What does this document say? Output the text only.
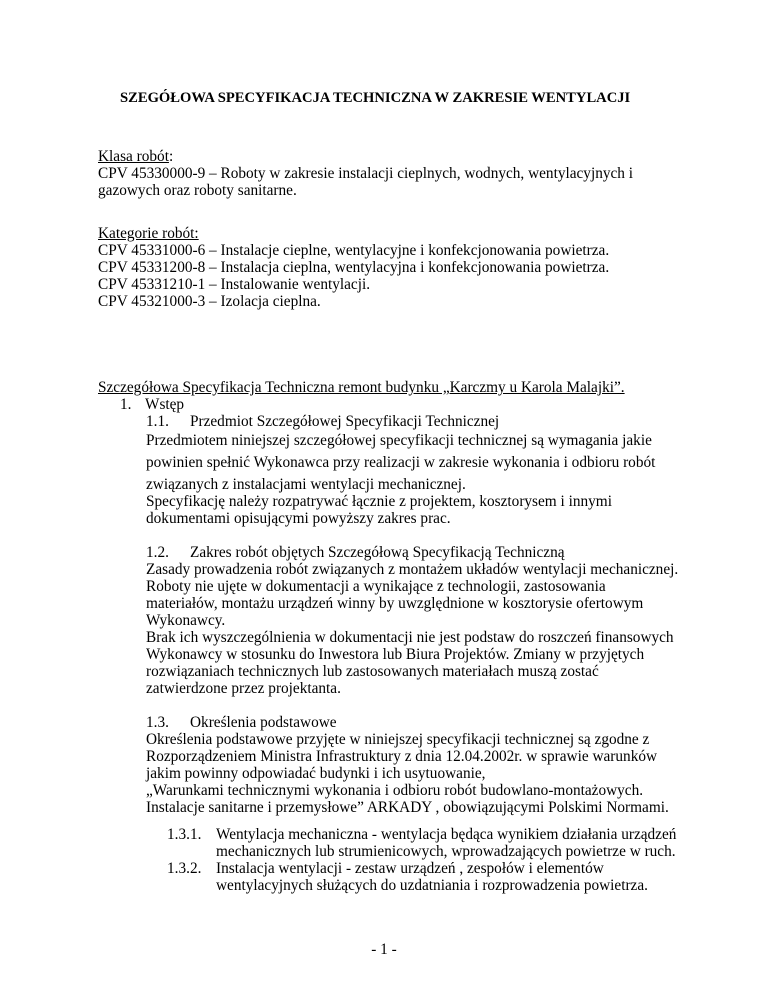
SZEGÓŁOWA SPECYFIKACJA TECHNICZNA W ZAKRESIE WENTYLACJI
Klasa robót:
CPV 45330000-9 – Roboty w zakresie instalacji cieplnych, wodnych, wentylacyjnych i
gazowych oraz roboty sanitarne.
Kategorie robót:
CPV 45331000-6 – Instalacje cieplne, wentylacyjne i konfekcjonowania powietrza.
CPV 45331200-8 – Instalacja cieplna, wentylacyjna i konfekcjonowania powietrza.
CPV 45331210-1 – Instalowanie wentylacji.
CPV 45321000-3 – Izolacja cieplna.
Szczegółowa Specyfikacja Techniczna remont budynku „Karczmy u Karola Malajki”.
1. Wstęp
1.1. Przedmiot Szczegółowej Specyfikacji Technicznej
Przedmiotem niniejszej szczegółowej specyfikacji technicznej są wymagania jakie
powinien spełnić Wykonawca przy realizacji w zakresie wykonania i odbioru robót
związanych z instalacjami wentylacji mechanicznej.
Specyfikację należy rozpatrywać łącznie z projektem, kosztorysem i innymi
dokumentami opisującymi powyższy zakres prac.
1.2. Zakres robót objętych Szczegółową Specyfikacją Techniczną
Zasady prowadzenia robót związanych z montażem układów wentylacji mechanicznej.
Roboty nie ujęte w dokumentacji a wynikające z technologii, zastosowania
materiałów, montażu urządzeń winny by uwzględnione w kosztorysie ofertowym
Wykonawcy.
Brak ich wyszczególnienia w dokumentacji nie jest podstaw do roszczeń finansowych
Wykonawcy w stosunku do Inwestora lub Biura Projektów. Zmiany w przyjętych
rozwiązaniach technicznych lub zastosowanych materiałach muszą zostać
zatwierdzone przez projektanta.
1.3. Określenia podstawowe
Określenia podstawowe przyjęte w niniejszej specyfikacji technicznej są zgodne z
Rozporządzeniem Ministra Infrastruktury z dnia 12.04.2002r. w sprawie warunków
jakim powinny odpowiadać budynki i ich usytuowanie,
„Warunkami technicznymi wykonania i odbioru robót budowlano-montażowych.
Instalacje sanitarne i przemysłowe” ARKADY , obowiązującymi Polskimi Normami.
1.3.1. Wentylacja mechaniczna - wentylacja będąca wynikiem działania urządzeń
mechanicznych lub strumienicowych, wprowadzających powietrze w ruch.
1.3.2. Instalacja wentylacji - zestaw urządzeń , zespołów i elementów
wentylacyjnych służących do uzdatniania i rozprowadzenia powietrza.
- 1 -
